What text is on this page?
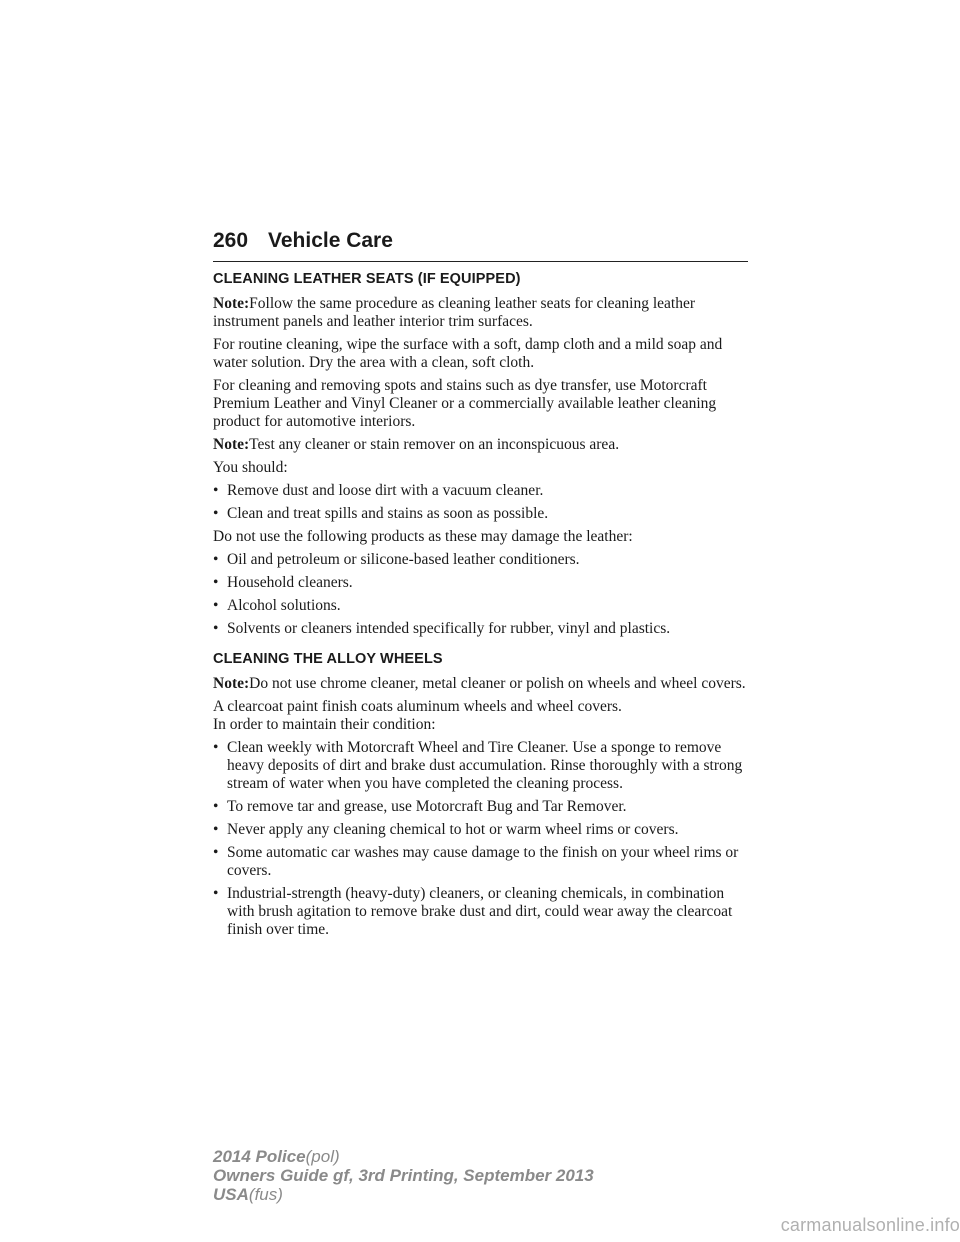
260 Vehicle Care
CLEANING LEATHER SEATS (IF EQUIPPED)

Note:Follow the same procedure as cleaning leather seats for cleaning leather instrument panels and leather interior trim surfaces.

For routine cleaning, wipe the surface with a soft, damp cloth and a mild soap and water solution. Dry the area with a clean, soft cloth.

For cleaning and removing spots and stains such as dye transfer, use Motorcraft Premium Leather and Vinyl Cleaner or a commercially available leather cleaning product for automotive interiors.

Note:Test any cleaner or stain remover on an inconspicuous area.

You should:

• Remove dust and loose dirt with a vacuum cleaner.
• Clean and treat spills and stains as soon as possible.

Do not use the following products as these may damage the leather:

• Oil and petroleum or silicone-based leather conditioners.
• Household cleaners.
• Alcohol solutions.
• Solvents or cleaners intended specifically for rubber, vinyl and plastics.
CLEANING THE ALLOY WHEELS

Note:Do not use chrome cleaner, metal cleaner or polish on wheels and wheel covers.

A clearcoat paint finish coats aluminum wheels and wheel covers.
In order to maintain their condition:

• Clean weekly with Motorcraft Wheel and Tire Cleaner. Use a sponge to remove heavy deposits of dirt and brake dust accumulation. Rinse thoroughly with a strong stream of water when you have completed the cleaning process.
• To remove tar and grease, use Motorcraft Bug and Tar Remover.
• Never apply any cleaning chemical to hot or warm wheel rims or covers.
• Some automatic car washes may cause damage to the finish on your wheel rims or covers.
• Industrial-strength (heavy-duty) cleaners, or cleaning chemicals, in combination with brush agitation to remove brake dust and dirt, could wear away the clearcoat finish over time.
2014 Police(pol)
Owners Guide gf, 3rd Printing, September 2013
USA(fus)
carmanualsonline.info
